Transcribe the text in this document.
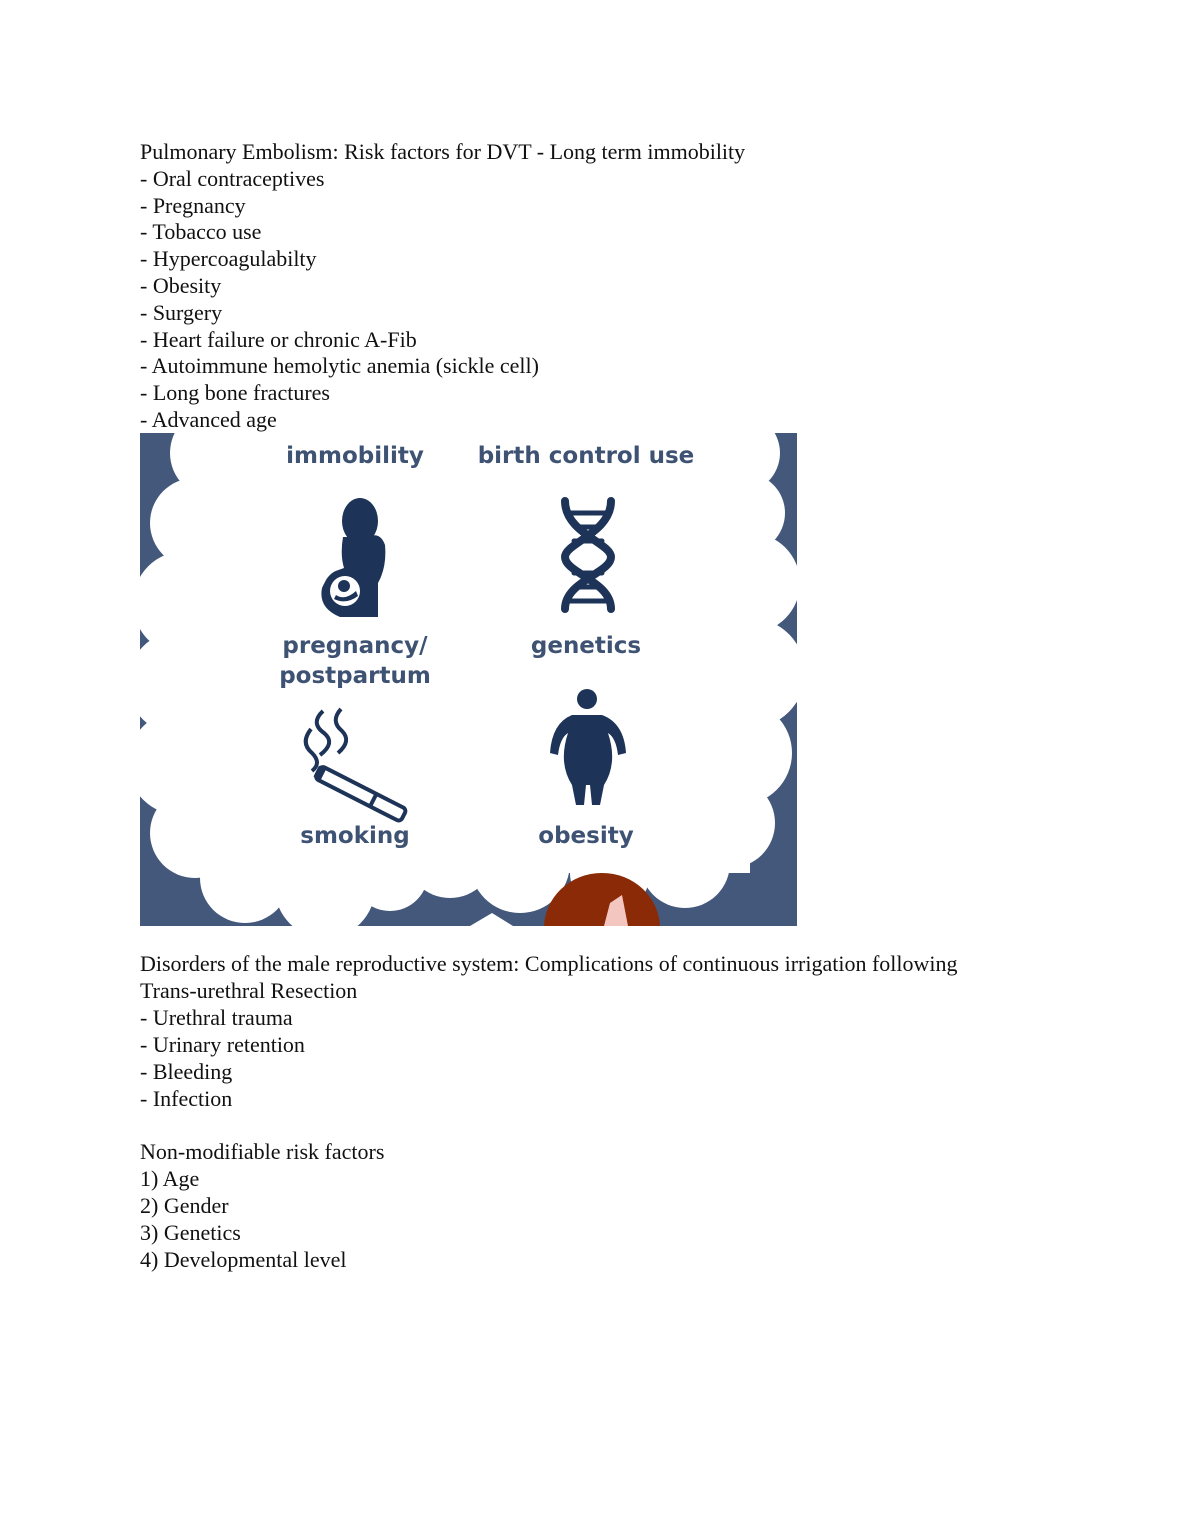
Pulmonary Embolism: Risk factors for DVT - Long term immobility
- Oral contraceptives
- Pregnancy
- Tobacco use
- Hypercoagulabilty
- Obesity
- Surgery
- Heart failure or chronic A-Fib
- Autoimmune hemolytic anemia (sickle cell)
- Long bone fractures
- Advanced age
immobility birth control use
pregnancy/
postpartum
genetics
smoking	obesity
Disorders of the male reproductive system: Complications of continuous irrigation following
Trans-urethral Resection
- Urethral trauma
- Urinary retention
- Bleeding
- Infection
Non-modifiable risk factors
1) Age
2) Gender
3) Genetics
4) Developmental level
